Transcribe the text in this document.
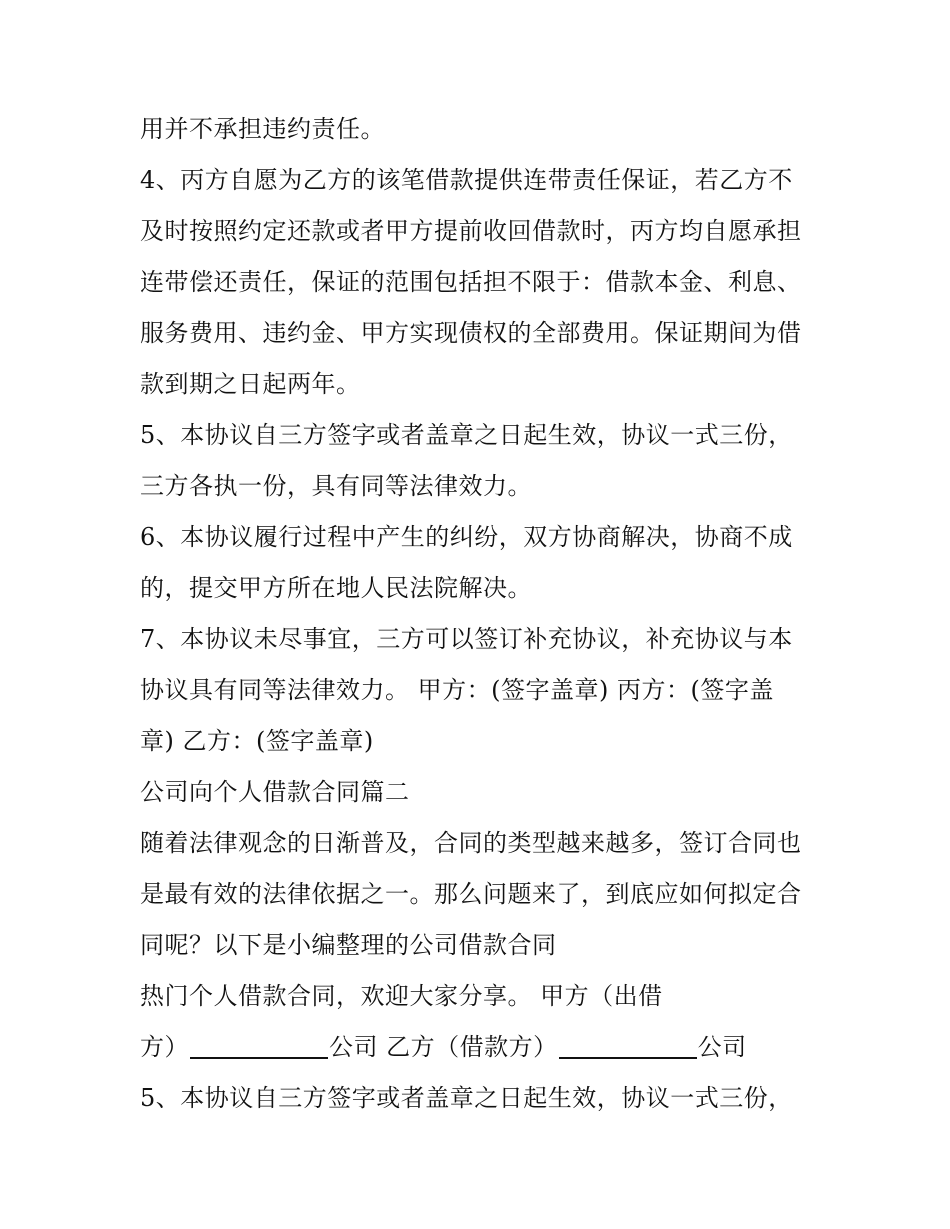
用并不承担违约责任。
4、丙方自愿为乙方的该笔借款提供连带责任保证，若乙方不
及时按照约定还款或者甲方提前收回借款时，丙方均自愿承担
连带偿还责任，保证的范围包括担不限于：借款本金、利息、
服务费用、违约金、甲方实现债权的全部费用。保证期间为借
款到期之日起两年。
5、本协议自三方签字或者盖章之日起生效，协议一式三份，
三方各执一份，具有同等法律效力。
6、本协议履行过程中产生的纠纷，双方协商解决，协商不成
的，提交甲方所在地人民法院解决。
7、本协议未尽事宜，三方可以签订补充协议，补充协议与本
协议具有同等法律效力。 甲方：(签字盖章) 丙方：(签字盖
章) 乙方：(签字盖章)
公司向个人借款合同篇二
随着法律观念的日渐普及，合同的类型越来越多，签订合同也
是最有效的法律依据之一。那么问题来了，到底应如何拟定合
同呢？以下是小编整理的公司借款合同
热门个人借款合同，欢迎大家分享。 甲方（出借
方）	公司 乙方（借款方）	公司
5、本协议自三方签字或者盖章之日起生效，协议一式三份，
